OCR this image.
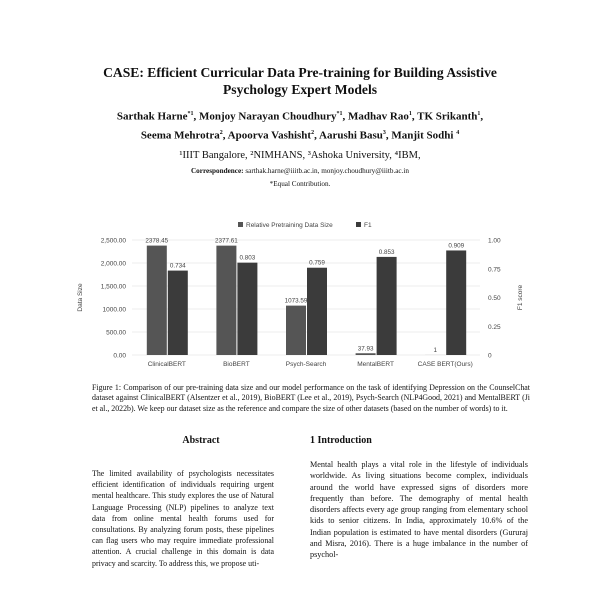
CASE: Efficient Curricular Data Pre-training for Building Assistive
Psychology Expert Models
Sarthak Harne$^{*1}$, Monjoy Narayan Choudhury$^{*1}$, Madhav Rao$^1$, TK Srikanth$^1$,
Seema Mehrotra$^2$, Apoorva Vashisht$^2$, Aarushi Basu$^3$, Manjit Sodhi $^4$
¹IIIT Bangalore, ²NIMHANS, ³Ashoka University, ⁴IBM,
Correspondence: sarthak.harne@iiitb.ac.in, monjoy.choudhury@iiitb.ac.in
*Equal Contribution.
Relative Pretraining Data Size	F1
0.00
500.00
1000.00
1,500.00
2,000.00
2,500.00
0
0.25
0.50
0.75
1.00
Data Size	F1 score
2378.45
0.734
ClinicalBERT
2377.61
0.803
BioBERT
1073.59
0.759
Psych-Search
37.93
0.853
MentalBERT
1
0.909
CASE BERT(Ours)
Figure 1: Comparison of our pre-training data size and our model performance on the task of identifying Depression on the CounselChat dataset against ClinicalBERT (Alsentzer et al., 2019), BioBERT (Lee et al., 2019), Psych-Search (NLP4Good, 2021) and MentalBERT (Ji et al., 2022b). We keep our dataset size as the reference and compare the size of other datasets (based on the number of words) to it.
Abstract	1 Introduction
The limited availability of psychologists necessitates efficient identification of individuals requiring urgent mental healthcare. This study explores the use of Natural Language Processing (NLP) pipelines to analyze text data from online mental health forums used for consultations. By analyzing forum posts, these pipelines can flag users who may require immediate professional attention. A crucial challenge in this domain is data privacy and scarcity. To address this, we propose uti-
Mental health plays a vital role in the lifestyle of individuals worldwide. As living situations become complex, individuals around the world have expressed signs of disorders more frequently than before. The demography of mental health disorders affects every age group ranging from elementary school kids to senior citizens. In India, approximately 10.6% of the Indian population is estimated to have mental disorders (Gururaj and Misra, 2016). There is a huge imbalance in the number of psychol-
